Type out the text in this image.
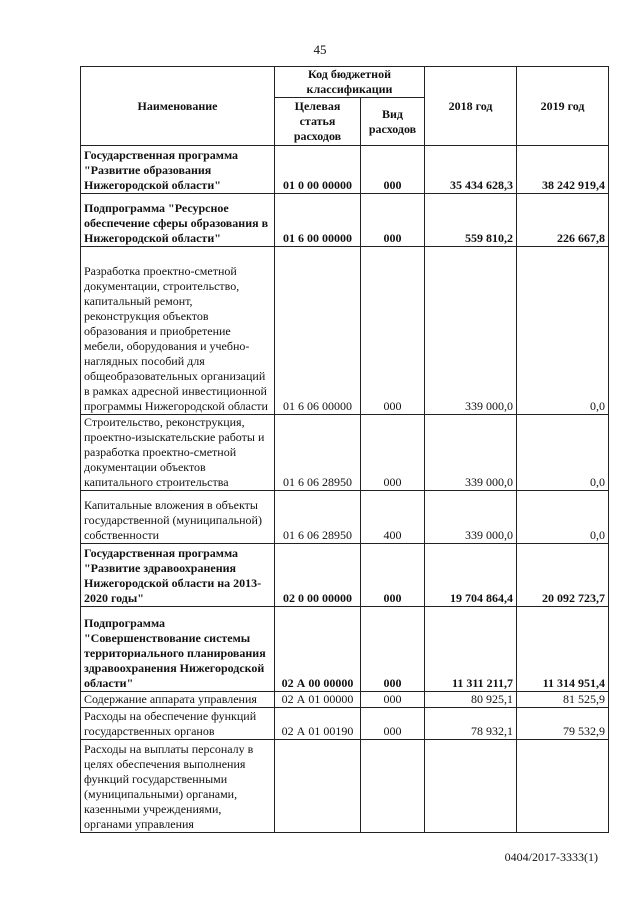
45
Наименование	Код бюджетной классификации		2018 год	2019 год
	Целевая статья расходов	Вид расходов		
Государственная программа "Развитие образования Нижегородской области"	01 0 00 00000	000	35 434 628,3	38 242 919,4
Подпрограмма "Ресурсное обеспечение сферы образования в Нижегородской области"	01 6 00 00000	000	559 810,2	226 667,8
Разработка проектно-сметной документации, строительство, капитальный ремонт, реконструкция объектов образования и приобретение мебели, оборудования и учебно-наглядных пособий для общеобразовательных организаций в рамках адресной инвестиционной программы Нижегородской области	01 6 06 00000	000	339 000,0	0,0
Строительство, реконструкция, проектно-изыскательские работы и разработка проектно-сметной документации объектов капитального строительства	01 6 06 28950	000	339 000,0	0,0
Капитальные вложения в объекты государственной (муниципальной) собственности	01 6 06 28950	400	339 000,0	0,0
Государственная программа "Развитие здравоохранения Нижегородской области на 2013-2020 годы"	02 0 00 00000	000	19 704 864,4	20 092 723,7
Подпрограмма "Совершенствование системы территориального планирования здравоохранения Нижегородской области"	02 А 00 00000	000	11 311 211,7	11 314 951,4
Содержание аппарата управления	02 А 01 00000	000	80 925,1	81 525,9
Расходы на обеспечение функций государственных органов	02 А 01 00190	000	78 932,1	79 532,9
Расходы на выплаты персоналу в целях обеспечения выполнения функций государственными (муниципальными) органами, казенными учреждениями, органами управления				
0404/2017-3333(1)
